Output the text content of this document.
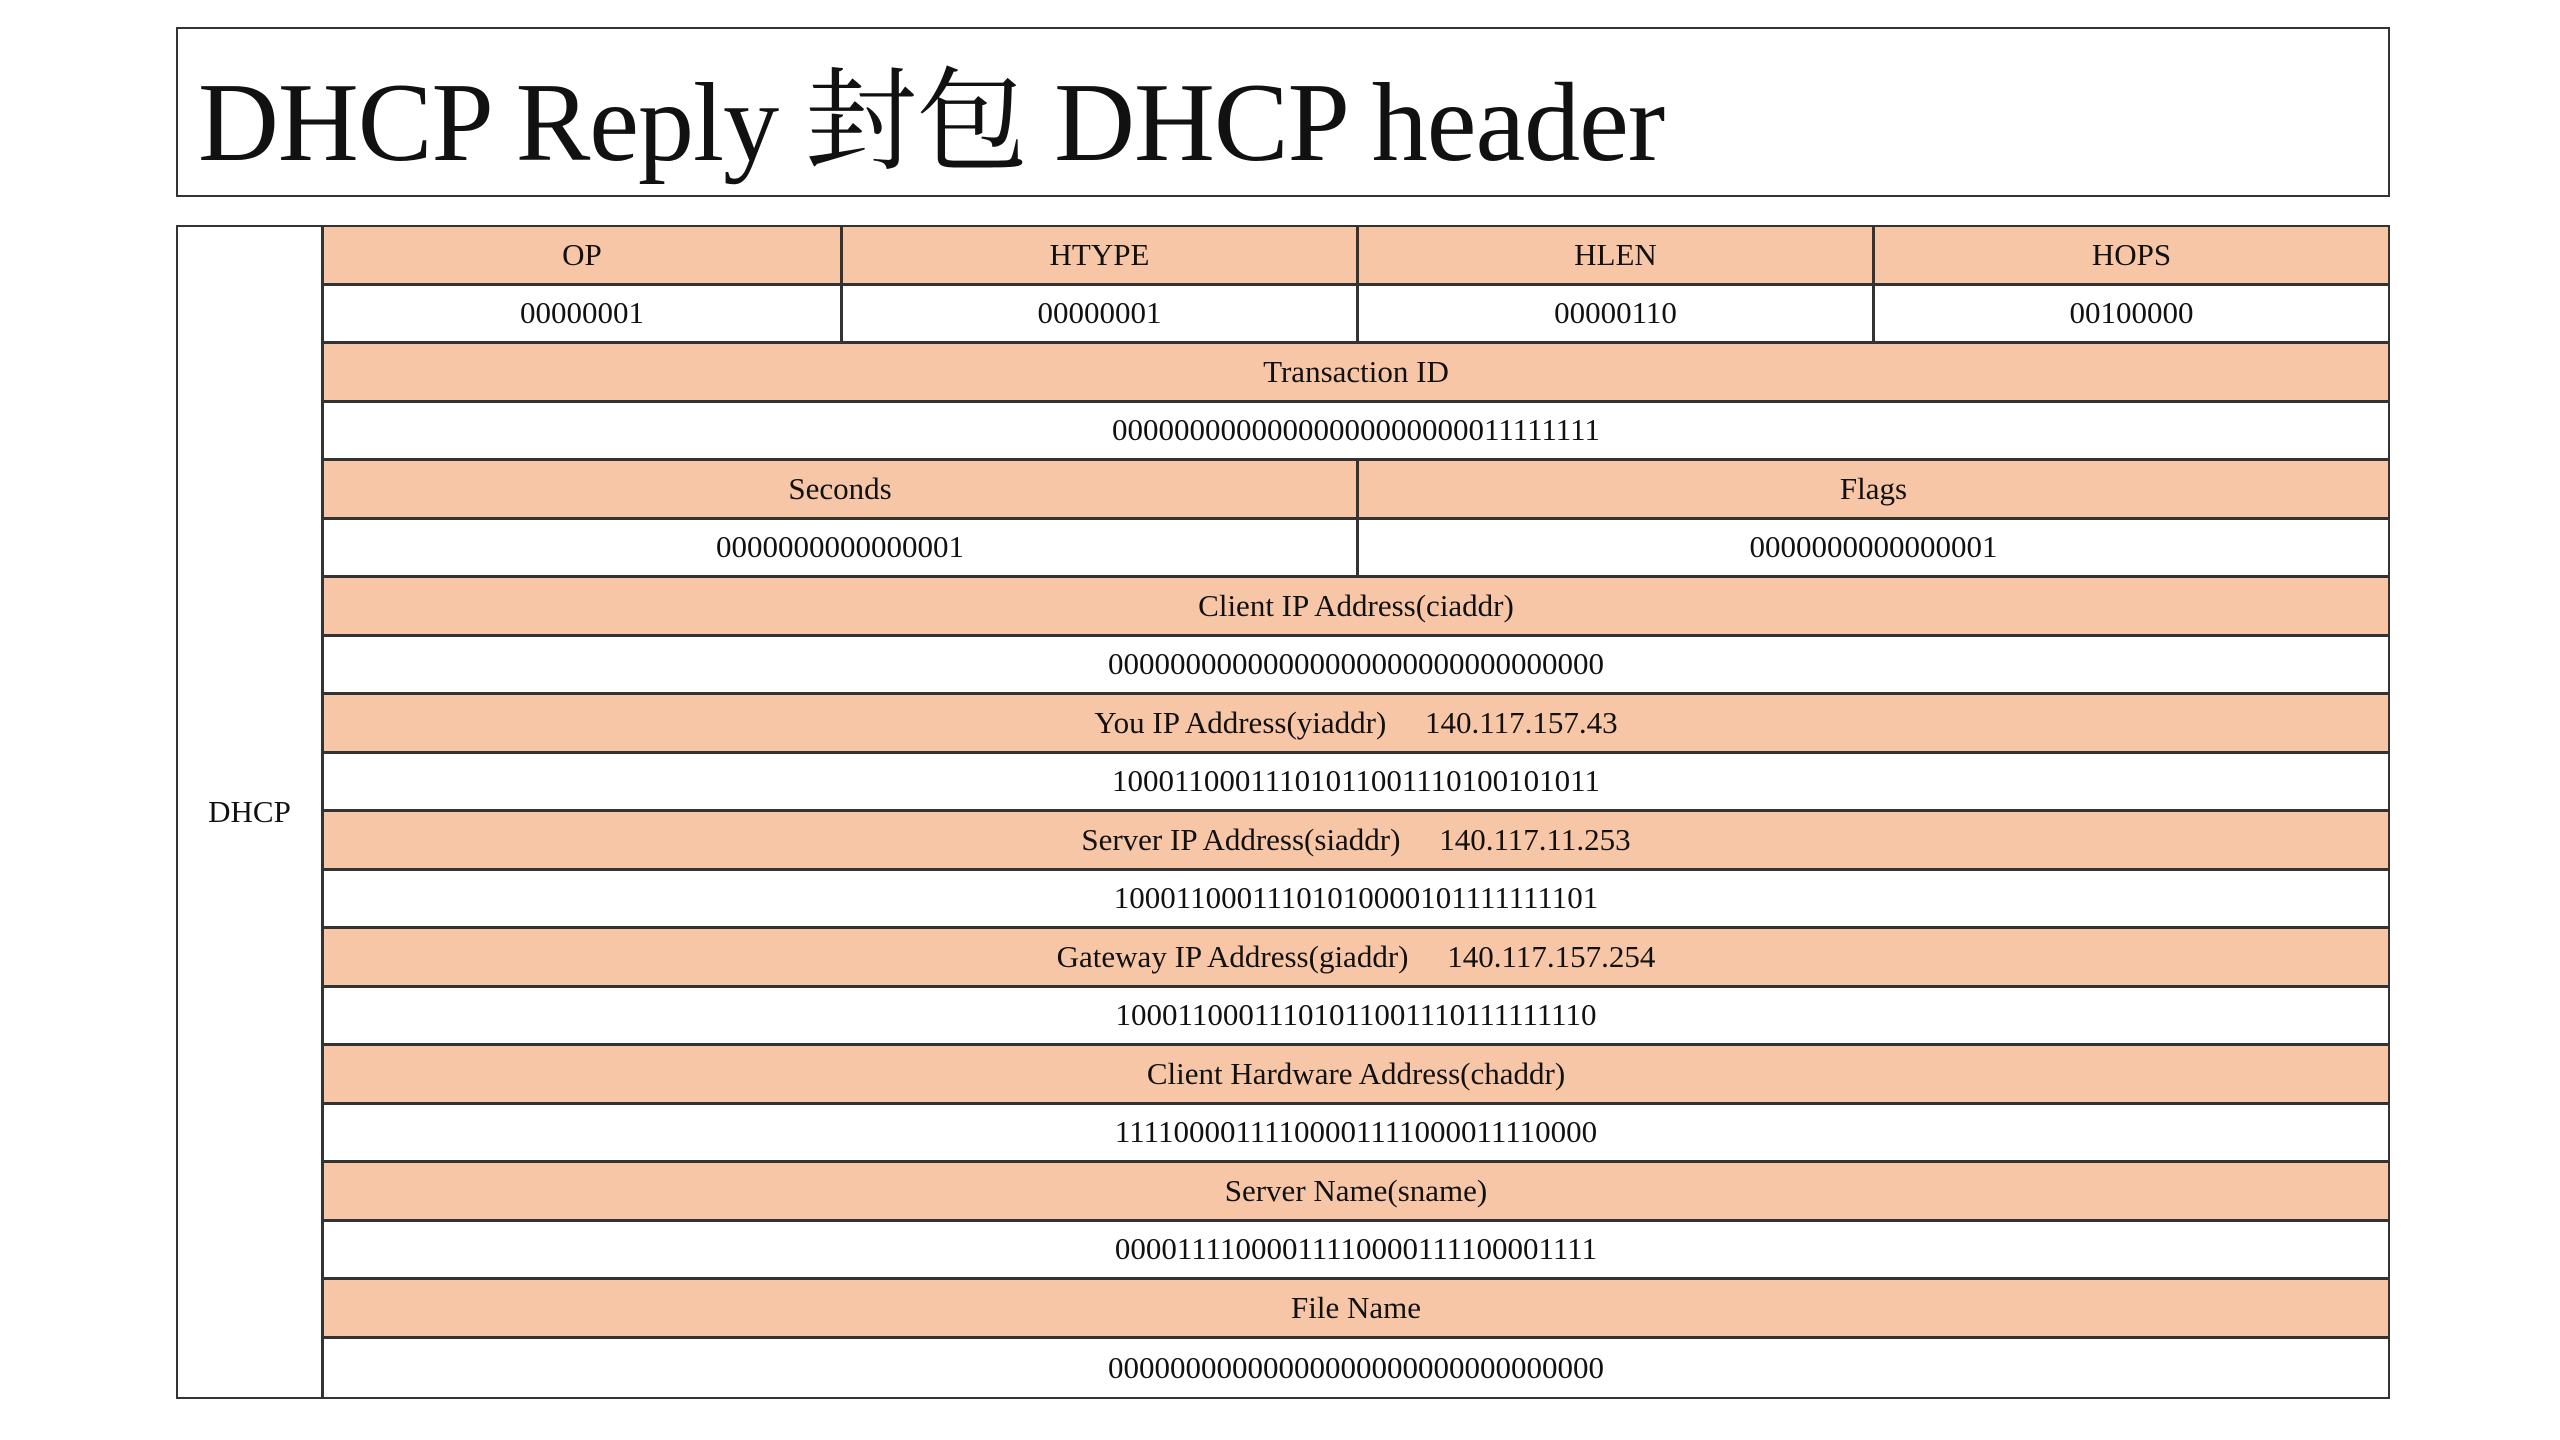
DHCP Reply 封包 DHCP header
DHCP
OP	HTYPE	HLEN	HOPS
00000001	00000001	00000110	00100000
Transaction ID
00000000000000000000000011111111
Seconds	Flags
0000000000000001	0000000000000001
Client IP Address(ciaddr)
00000000000000000000000000000000
You IP Address(yiaddr)     140.117.157.43
10001100011101011001110100101011
Server IP Address(siaddr)     140.117.11.253
10001100011101010000101111111101
Gateway IP Address(giaddr)     140.117.157.254
10001100011101011001110111111110
Client Hardware Address(chaddr)
11110000111100001111000011110000
Server Name(sname)
00001111000011110000111100001111
File Name
00000000000000000000000000000000
